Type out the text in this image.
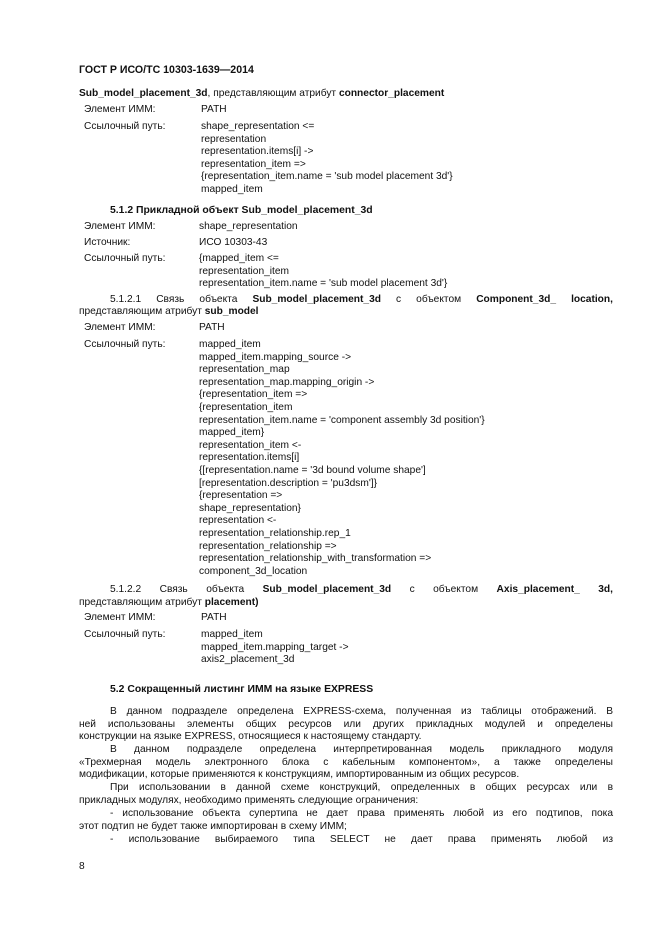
ГОСТ Р ИСО/ТС 10303-1639—2014
Sub_model_placement_3d, представляющим атрибут connector_placement
Элемент ИММ:	PATH
Ссылочный путь:	shape_representation <=
representation
representation.items[i] ->
representation_item =>
{representation_item.name = 'sub model placement 3d'}
mapped_item
5.1.2 Прикладной объект Sub_model_placement_3d
Элемент ИММ:	shape_representation
Источник:	ИСО 10303-43
Ссылочный путь:	{mapped_item <=
representation_item
representation_item.name = 'sub model placement 3d'}
5.1.2.1 Связь объекта Sub_model_placement_3d с объектом Component_3d_ location,
представляющим атрибут sub_model
Элемент ИММ:	PATH
Ссылочный путь:	mapped_item
mapped_item.mapping_source ->
representation_map
representation_map.mapping_origin ->
{representation_item =>
{representation_item
representation_item.name = 'component assembly 3d position'}
mapped_item}
representation_item <-
representation.items[i]
{[representation.name = '3d bound volume shape']
[representation.description = 'pu3dsm']}
{representation =>
shape_representation}
representation <-
representation_relationship.rep_1
representation_relationship =>
representation_relationship_with_transformation =>
component_3d_location
5.1.2.2 Связь объекта Sub_model_placement_3d с объектом Axis_placement_ 3d,
представляющим атрибут placement)
Элемент ИММ:	PATH
Ссылочный путь:	mapped_item
mapped_item.mapping_target ->
axis2_placement_3d
5.2 Сокращенный листинг ИММ на языке EXPRESS
В данном подразделе определена EXPRESS-схема, полученная из таблицы отображений. В
ней использованы элементы общих ресурсов или других прикладных модулей и определены
конструкции на языке EXPRESS, относящиеся к настоящему стандарту.
В данном подразделе определена интерпретированная модель прикладного модуля
«Трехмерная модель электронного блока с кабельным компонентом», а также определены
модификации, которые применяются к конструкциям, импортированным из общих ресурсов.
При использовании в данной схеме конструкций, определенных в общих ресурсах или в
прикладных модулях, необходимо применять следующие ограничения:
- использование объекта супертипа не дает права применять любой из его подтипов, пока
этот подтип не будет также импортирован в схему ИММ;
- использование выбираемого типа SELECT не дает права применять любой из
8
